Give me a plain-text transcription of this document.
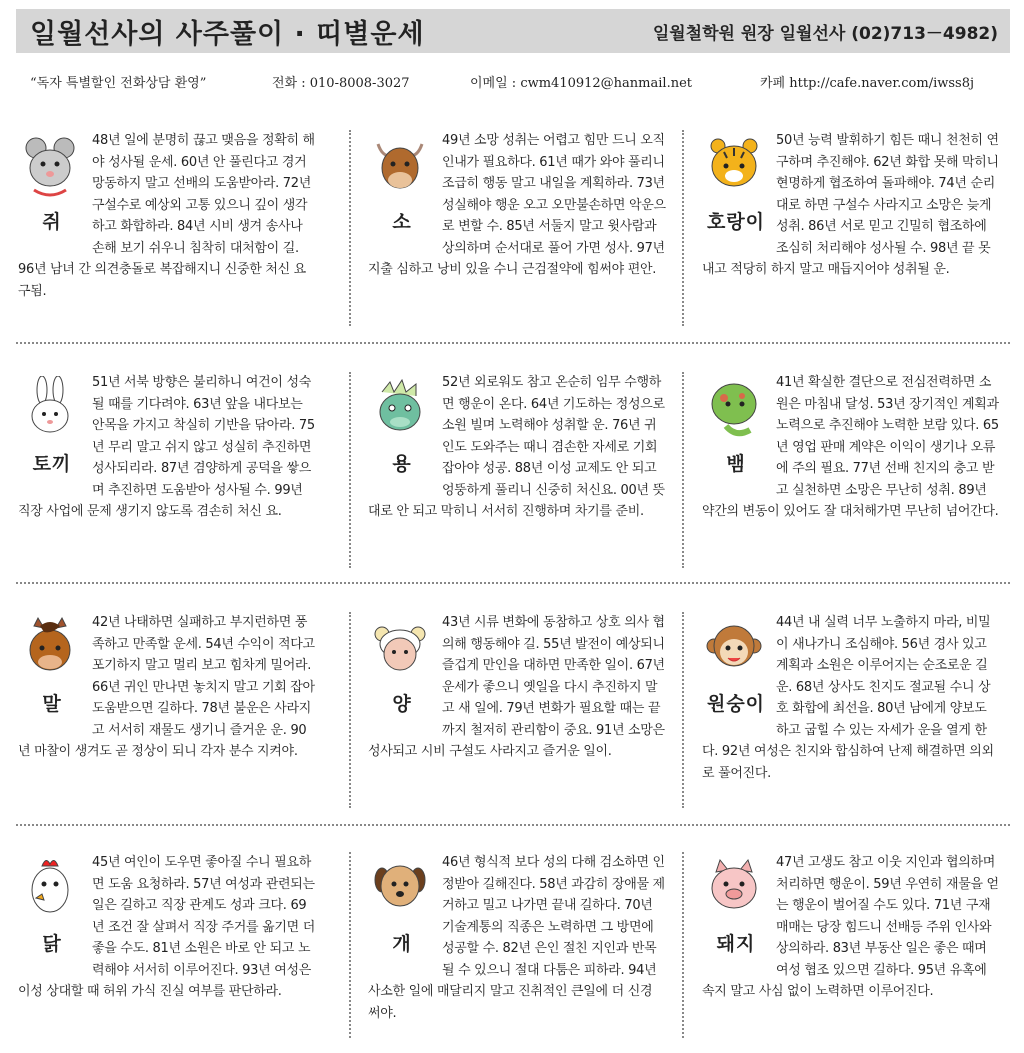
일월선사의 사주풀이 · 띠별운세	일월철학원 원장 일월선사 (02)713－4982)
“독자 특별할인 전화상담 환영”	전화 : 010-8008-3027	이메일 : cwm410912@hanmail.net	카페 http://cafe.naver.com/iwss8j
쥐
48년 일에 분명히 끊고 맺음을 정확히 해야 성사될 운세. 60년 안 풀린다고 경거망동하지 말고 선배의 도움받아라. 72년 구설수로 예상외 고통 있으니 깊이 생각하고 화합하라. 84년 시비 생겨 송사나 손해 보기 쉬우니 침착히 대처함이 길. 96년 남녀 간 의견충돌로 복잡해지니 신중한 처신 요구됨.
소
49년 소망 성취는 어렵고 힘만 드니 오직 인내가 필요하다. 61년 때가 와야 풀리니 조급히 행동 말고 내일을 계획하라. 73년 성실해야 행운 오고 오만불손하면 악운으로 변할 수. 85년 서둘지 말고 윗사람과 상의하며 순서대로 풀어 가면 성사. 97년 지출 심하고 낭비 있을 수니 근검절약에 힘써야 편안.
호랑이
50년 능력 발휘하기 힘든 때니 천천히 연구하며 추진해야. 62년 화합 못해 막히니 현명하게 협조하여 돌파해야. 74년 순리대로 하면 구설수 사라지고 소망은 늦게 성취. 86년 서로 믿고 긴밀히 협조하에 조심히 처리해야 성사될 수. 98년 끝 못 내고 적당히 하지 말고 매듭지어야 성취될 운.
토끼
51년 서북 방향은 불리하니 여건이 성숙 될 때를 기다려야. 63년 앞을 내다보는 안목을 가지고 착실히 기반을 닦아라. 75년 무리 말고 쉬지 않고 성실히 추진하면 성사되리라. 87년 겸양하게 공덕을 쌓으며 추진하면 도움받아 성사될 수. 99년 직장 사업에 문제 생기지 않도록 겸손히 처신 요.
용
52년 외로워도 참고 온순히 임무 수행하면 행운이 온다. 64년 기도하는 정성으로 소원 빌며 노력해야 성취할 운. 76년 귀인도 도와주는 때니 겸손한 자세로 기회 잡아야 성공. 88년 이성 교제도 안 되고 엉뚱하게 풀리니 신중히 처신요. 00년 뜻대로 안 되고 막히니 서서히 진행하며 차기를 준비.
뱀
41년 확실한 결단으로 전심전력하면 소원은 마침내 달성. 53년 장기적인 계획과 노력으로 추진해야 노력한 보람 있다. 65년 영업 판매 계약은 이익이 생기나 오류에 주의 필요. 77년 선배 친지의 충고 받고 실천하면 소망은 무난히 성취. 89년 약간의 변동이 있어도 잘 대처해가면 무난히 넘어간다.
말
42년 나태하면 실패하고 부지런하면 풍족하고 만족할 운세. 54년 수익이 적다고 포기하지 말고 멀리 보고 힘차게 밀어라. 66년 귀인 만나면 놓치지 말고 기회 잡아 도움받으면 길하다. 78년 불운은 사라지고 서서히 재물도 생기니 즐거운 운. 90년 마찰이 생겨도 곧 정상이 되니 각자 분수 지켜야.
양
43년 시류 변화에 동참하고 상호 의사 협의해 행동해야 길. 55년 발전이 예상되니 즐겁게 만인을 대하면 만족한 일이. 67년 운세가 좋으니 옛일을 다시 추진하지 말고 새 일에. 79년 변화가 필요할 때는 끝까지 철저히 관리함이 중요. 91년 소망은 성사되고 시비 구설도 사라지고 즐거운 일이.
원숭이
44년 내 실력 너무 노출하지 마라, 비밀이 새나가니 조심해야. 56년 경사 있고 계획과 소원은 이루어지는 순조로운 길운. 68년 상사도 친지도 절교될 수니 상호 화합에 최선을. 80년 남에게 양보도 하고 굽힐 수 있는 자세가 운을 열게 한다. 92년 여성은 친지와 합심하여 난제 해결하면 의외로 풀어진다.
닭
45년 여인이 도우면 좋아질 수니 필요하면 도움 요청하라. 57년 여성과 관련되는 일은 길하고 직장 관계도 성과 크다. 69년 조건 잘 살펴서 직장 주거를 옮기면 더 좋을 수도. 81년 소원은 바로 안 되고 노력해야 서서히 이루어진다. 93년 여성은 이성 상대할 때 허위 가식 진실 여부를 판단하라.
개
46년 형식적 보다 성의 다해 검소하면 인정받아 길해진다. 58년 과감히 장애물 제거하고 밀고 나가면 끝내 길하다. 70년 기술계통의 직종은 노력하면 그 방면에 성공할 수. 82년 은인 절친 지인과 반목될 수 있으니 절대 다툼은 피하라. 94년 사소한 일에 매달리지 말고 진취적인 큰일에 더 신경 써야.
돼지
47년 고생도 참고 이웃 지인과 협의하며 처리하면 행운이. 59년 우연히 재물을 얻는 행운이 벌어질 수도 있다. 71년 구재 매매는 당장 힘드니 선배등 주위 인사와 상의하라. 83년 부동산 일은 좋은 때며 여성 협조 있으면 길하다. 95년 유혹에 속지 말고 사심 없이 노력하면 이루어진다.
